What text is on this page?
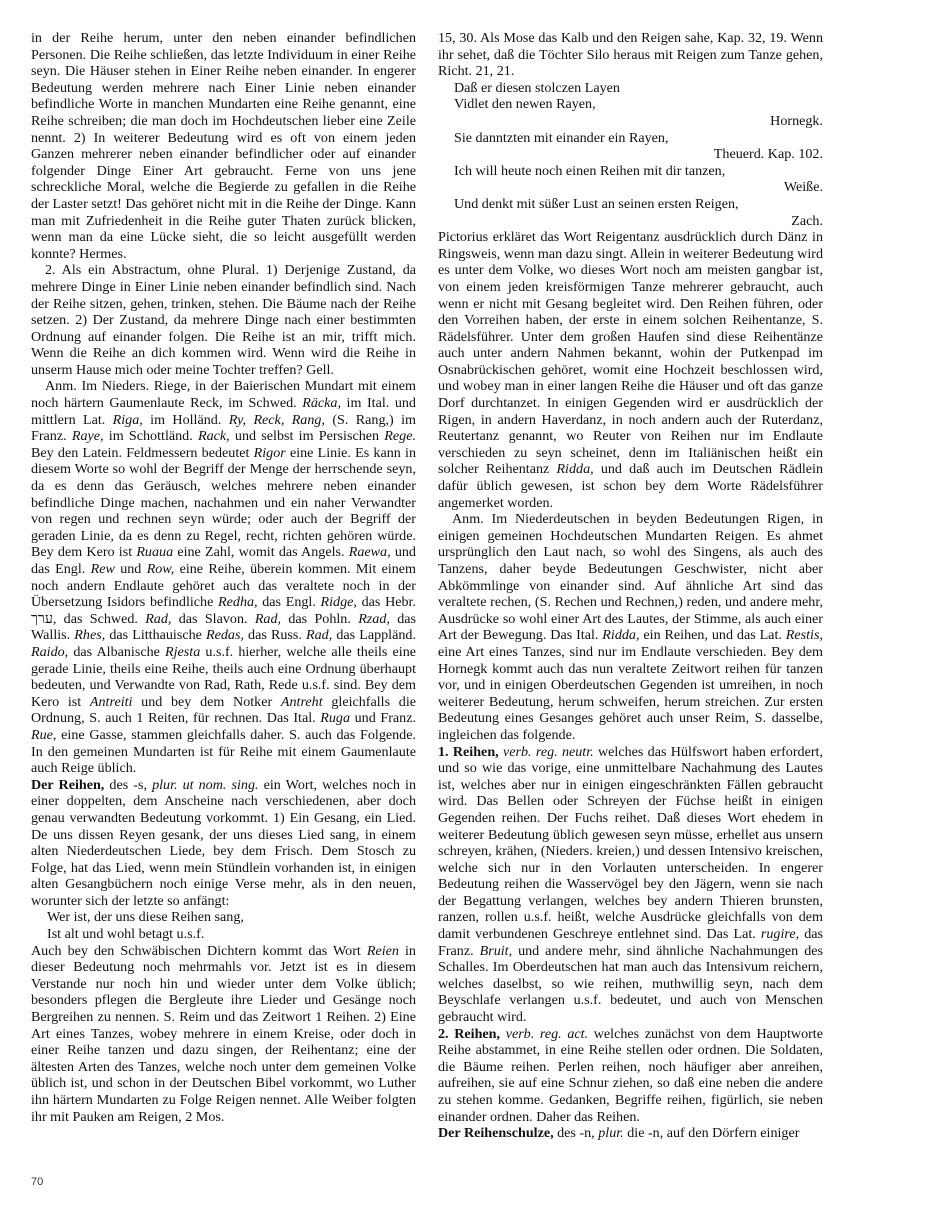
in der Reihe herum, unter den neben einander befindlichen Personen. Die Reihe schließen, das letzte Individuum in einer Reihe seyn. Die Häuser stehen in Einer Reihe neben einander. In engerer Bedeutung werden mehrere nach Einer Linie neben einander befindliche Worte in manchen Mundarten eine Reihe genannt, eine Reihe schreiben; die man doch im Hochdeutschen lieber eine Zeile nennt. 2) In weiterer Bedeutung wird es oft von einem jeden Ganzen mehrerer neben einander befindlicher oder auf einander folgender Dinge Einer Art gebraucht. Ferne von uns jene schreckliche Moral, welche die Begierde zu gefallen in die Reihe der Laster setzt! Das gehöret nicht mit in die Reihe der Dinge. Kann man mit Zufriedenheit in die Reihe guter Thaten zurück blicken, wenn man da eine Lücke sieht, die so leicht ausgefüllt werden konnte? Hermes.

2. Als ein Abstractum, ohne Plural. 1) Derjenige Zustand, da mehrere Dinge in Einer Linie neben einander befindlich sind. Nach der Reihe sitzen, gehen, trinken, stehen. Die Bäume nach der Reihe setzen. 2) Der Zustand, da mehrere Dinge nach einer bestimmten Ordnung auf einander folgen. Die Reihe ist an mir, trifft mich. Wenn die Reihe an dich kommen wird. Wenn wird die Reihe in unserm Hause mich oder meine Tochter treffen? Gell.

Anm. Im Nieders. Riege, in der Baierischen Mundart mit einem noch härtern Gaumenlaute Reck, im Schwed. Räcka, im Ital. und mittlern Lat. Riga, im Holländ. Ry, Reck, Rang, (S. Rang,) im Franz. Raye, im Schottländ. Rack, und selbst im Persischen Rege. Bey den Latein. Feldmessern bedeutet Rigor eine Linie. Es kann in diesem Worte so wohl der Begriff der Menge der herrschende seyn, da es denn das Geräusch, welches mehrere neben einander befindliche Dinge machen, nachahmen und ein naher Verwandter von regen und rechnen seyn würde; oder auch der Begriff der geraden Linie, da es denn zu Regel, recht, richten gehören würde. Bey dem Kero ist Ruaua eine Zahl, womit das Angels. Raewa, und das Engl. Rew und Row, eine Reihe, überein kommen. Mit einem noch andern Endlaute gehöret auch das veraltete noch in der Übersetzung Isidors befindliche Redha, das Engl. Ridge, das Hebr. ערך, das Schwed. Rad, das Slavon. Rad, das Pohln. Rzad, das Wallis. Rhes, das Litthauische Redas, das Russ. Rad, das Lappländ. Raido, das Albanische Rjesta u.s.f. hierher, welche alle theils eine gerade Linie, theils eine Reihe, theils auch eine Ordnung überhaupt bedeuten, und Verwandte von Rad, Rath, Rede u.s.f. sind. Bey dem Kero ist Antreiti und bey dem Notker Antreht gleichfalls die Ordnung, S. auch 1 Reiten, für rechnen. Das Ital. Ruga und Franz. Rue, eine Gasse, stammen gleichfalls daher. S. auch das Folgende. In den gemeinen Mundarten ist für Reihe mit einem Gaumenlaute auch Reige üblich.

Der Reihen, des -s, plur. ut nom. sing. ein Wort, welches noch in einer doppelten, dem Anscheine nach verschiedenen, aber doch genau verwandten Bedeutung vorkommt. 1) Ein Gesang, ein Lied. De uns dissen Reyen gesank, der uns dieses Lied sang, in einem alten Niederdeutschen Liede, bey dem Frisch. Dem Stosch zu Folge, hat das Lied, wenn mein Stündlein vorhanden ist, in einigen alten Gesangbüchern noch einige Verse mehr, als in den neuen, worunter sich der letzte so anfängt:

Wer ist, der uns diese Reihen sang,

Ist alt und wohl betagt u.s.f.

Auch bey den Schwäbischen Dichtern kommt das Wort Reien in dieser Bedeutung noch mehrmahls vor. Jetzt ist es in diesem Verstande nur noch hin und wieder unter dem Volke üblich; besonders pflegen die Bergleute ihre Lieder und Gesänge noch Bergreihen zu nennen. S. Reim und das Zeitwort 1 Reihen. 2) Eine Art eines Tanzes, wobey mehrere in einem Kreise, oder doch in einer Reihe tanzen und dazu singen, der Reihentanz; eine der ältesten Arten des Tanzes, welche noch unter dem gemeinen Volke üblich ist, und schon in der Deutschen Bibel vorkommt, wo Luther ihn härtern Mundarten zu Folge Reigen nennet. Alle Weiber folgten ihr mit Pauken am Reigen, 2 Mos.

15, 30. Als Mose das Kalb und den Reigen sahe, Kap. 32, 19. Wenn ihr sehet, daß die Töchter Silo heraus mit Reigen zum Tanze gehen, Richt. 21, 21.

Daß er diesen stolczen Layen

Vidlet den newen Rayen,

Hornegk.

Sie danntzten mit einander ein Rayen,

Theuerd. Kap. 102.

Ich will heute noch einen Reihen mit dir tanzen,

Weiße.

Und denkt mit süßer Lust an seinen ersten Reigen,

Zach.

Pictorius erkläret das Wort Reigentanz ausdrücklich durch Dänz in Ringsweis, wenn man dazu singt. Allein in weiterer Bedeutung wird es unter dem Volke, wo dieses Wort noch am meisten gangbar ist, von einem jeden kreisförmigen Tanze mehrerer gebraucht, auch wenn er nicht mit Gesang begleitet wird. Den Reihen führen, oder den Vorreihen haben, der erste in einem solchen Reihentanze, S. Rädelsführer. Unter dem großen Haufen sind diese Reihentänze auch unter andern Nahmen bekannt, wohin der Putkenpad im Osnabrückischen gehöret, womit eine Hochzeit beschlossen wird, und wobey man in einer langen Reihe die Häuser und oft das ganze Dorf durchtanzet. In einigen Gegenden wird er ausdrücklich der Rigen, in andern Haverdanz, in noch andern auch der Ruterdanz, Reutertanz genannt, wo Reuter von Reihen nur im Endlaute verschieden zu seyn scheinet, denn im Italiänischen heißt ein solcher Reihentanz Ridda, und daß auch im Deutschen Rädlein dafür üblich gewesen, ist schon bey dem Worte Rädelsführer angemerket worden.

Anm. Im Niederdeutschen in beyden Bedeutungen Rigen, in einigen gemeinen Hochdeutschen Mundarten Reigen. Es ahmet ursprünglich den Laut nach, so wohl des Singens, als auch des Tanzens, daher beyde Bedeutungen Geschwister, nicht aber Abkömmlinge von einander sind. Auf ähnliche Art sind das veraltete rechen, (S. Rechen und Rechnen,) reden, und andere mehr, Ausdrücke so wohl einer Art des Lautes, der Stimme, als auch einer Art der Bewegung. Das Ital. Ridda, ein Reihen, und das Lat. Restis, eine Art eines Tanzes, sind nur im Endlaute verschieden. Bey dem Hornegk kommt auch das nun veraltete Zeitwort reihen für tanzen vor, und in einigen Oberdeutschen Gegenden ist umreihen, in noch weiterer Bedeutung, herum schweifen, herum streichen. Zur ersten Bedeutung eines Gesanges gehöret auch unser Reim, S. dasselbe, ingleichen das folgende.

1. Reihen, verb. reg. neutr. welches das Hülfswort haben erfordert, und so wie das vorige, eine unmittelbare Nachahmung des Lautes ist, welches aber nur in einigen eingeschränkten Fällen gebraucht wird. Das Bellen oder Schreyen der Füchse heißt in einigen Gegenden reihen. Der Fuchs reihet. Daß dieses Wort ehedem in weiterer Bedeutung üblich gewesen seyn müsse, erhellet aus unsern schreyen, krähen, (Nieders. kreien,) und dessen Intensivo kreischen, welche sich nur in den Vorlauten unterscheiden. In engerer Bedeutung reihen die Wasservögel bey den Jägern, wenn sie nach der Begattung verlangen, welches bey andern Thieren brunsten, ranzen, rollen u.s.f. heißt, welche Ausdrücke gleichfalls von dem damit verbundenen Geschreye entlehnet sind. Das Lat. rugire, das Franz. Bruit, und andere mehr, sind ähnliche Nachahmungen des Schalles. Im Oberdeutschen hat man auch das Intensivum reichern, welches daselbst, so wie reihen, muthwillig seyn, nach dem Beyschlafe verlangen u.s.f. bedeutet, und auch von Menschen gebraucht wird.

2. Reihen, verb. reg. act. welches zunächst von dem Hauptworte Reihe abstammet, in eine Reihe stellen oder ordnen. Die Soldaten, die Bäume reihen. Perlen reihen, noch häufiger aber anreihen, aufreihen, sie auf eine Schnur ziehen, so daß eine neben die andere zu stehen komme. Gedanken, Begriffe reihen, figürlich, sie neben einander ordnen. Daher das Reihen.

Der Reihenschulze, des -n, plur. die -n, auf den Dörfern einiger

70
